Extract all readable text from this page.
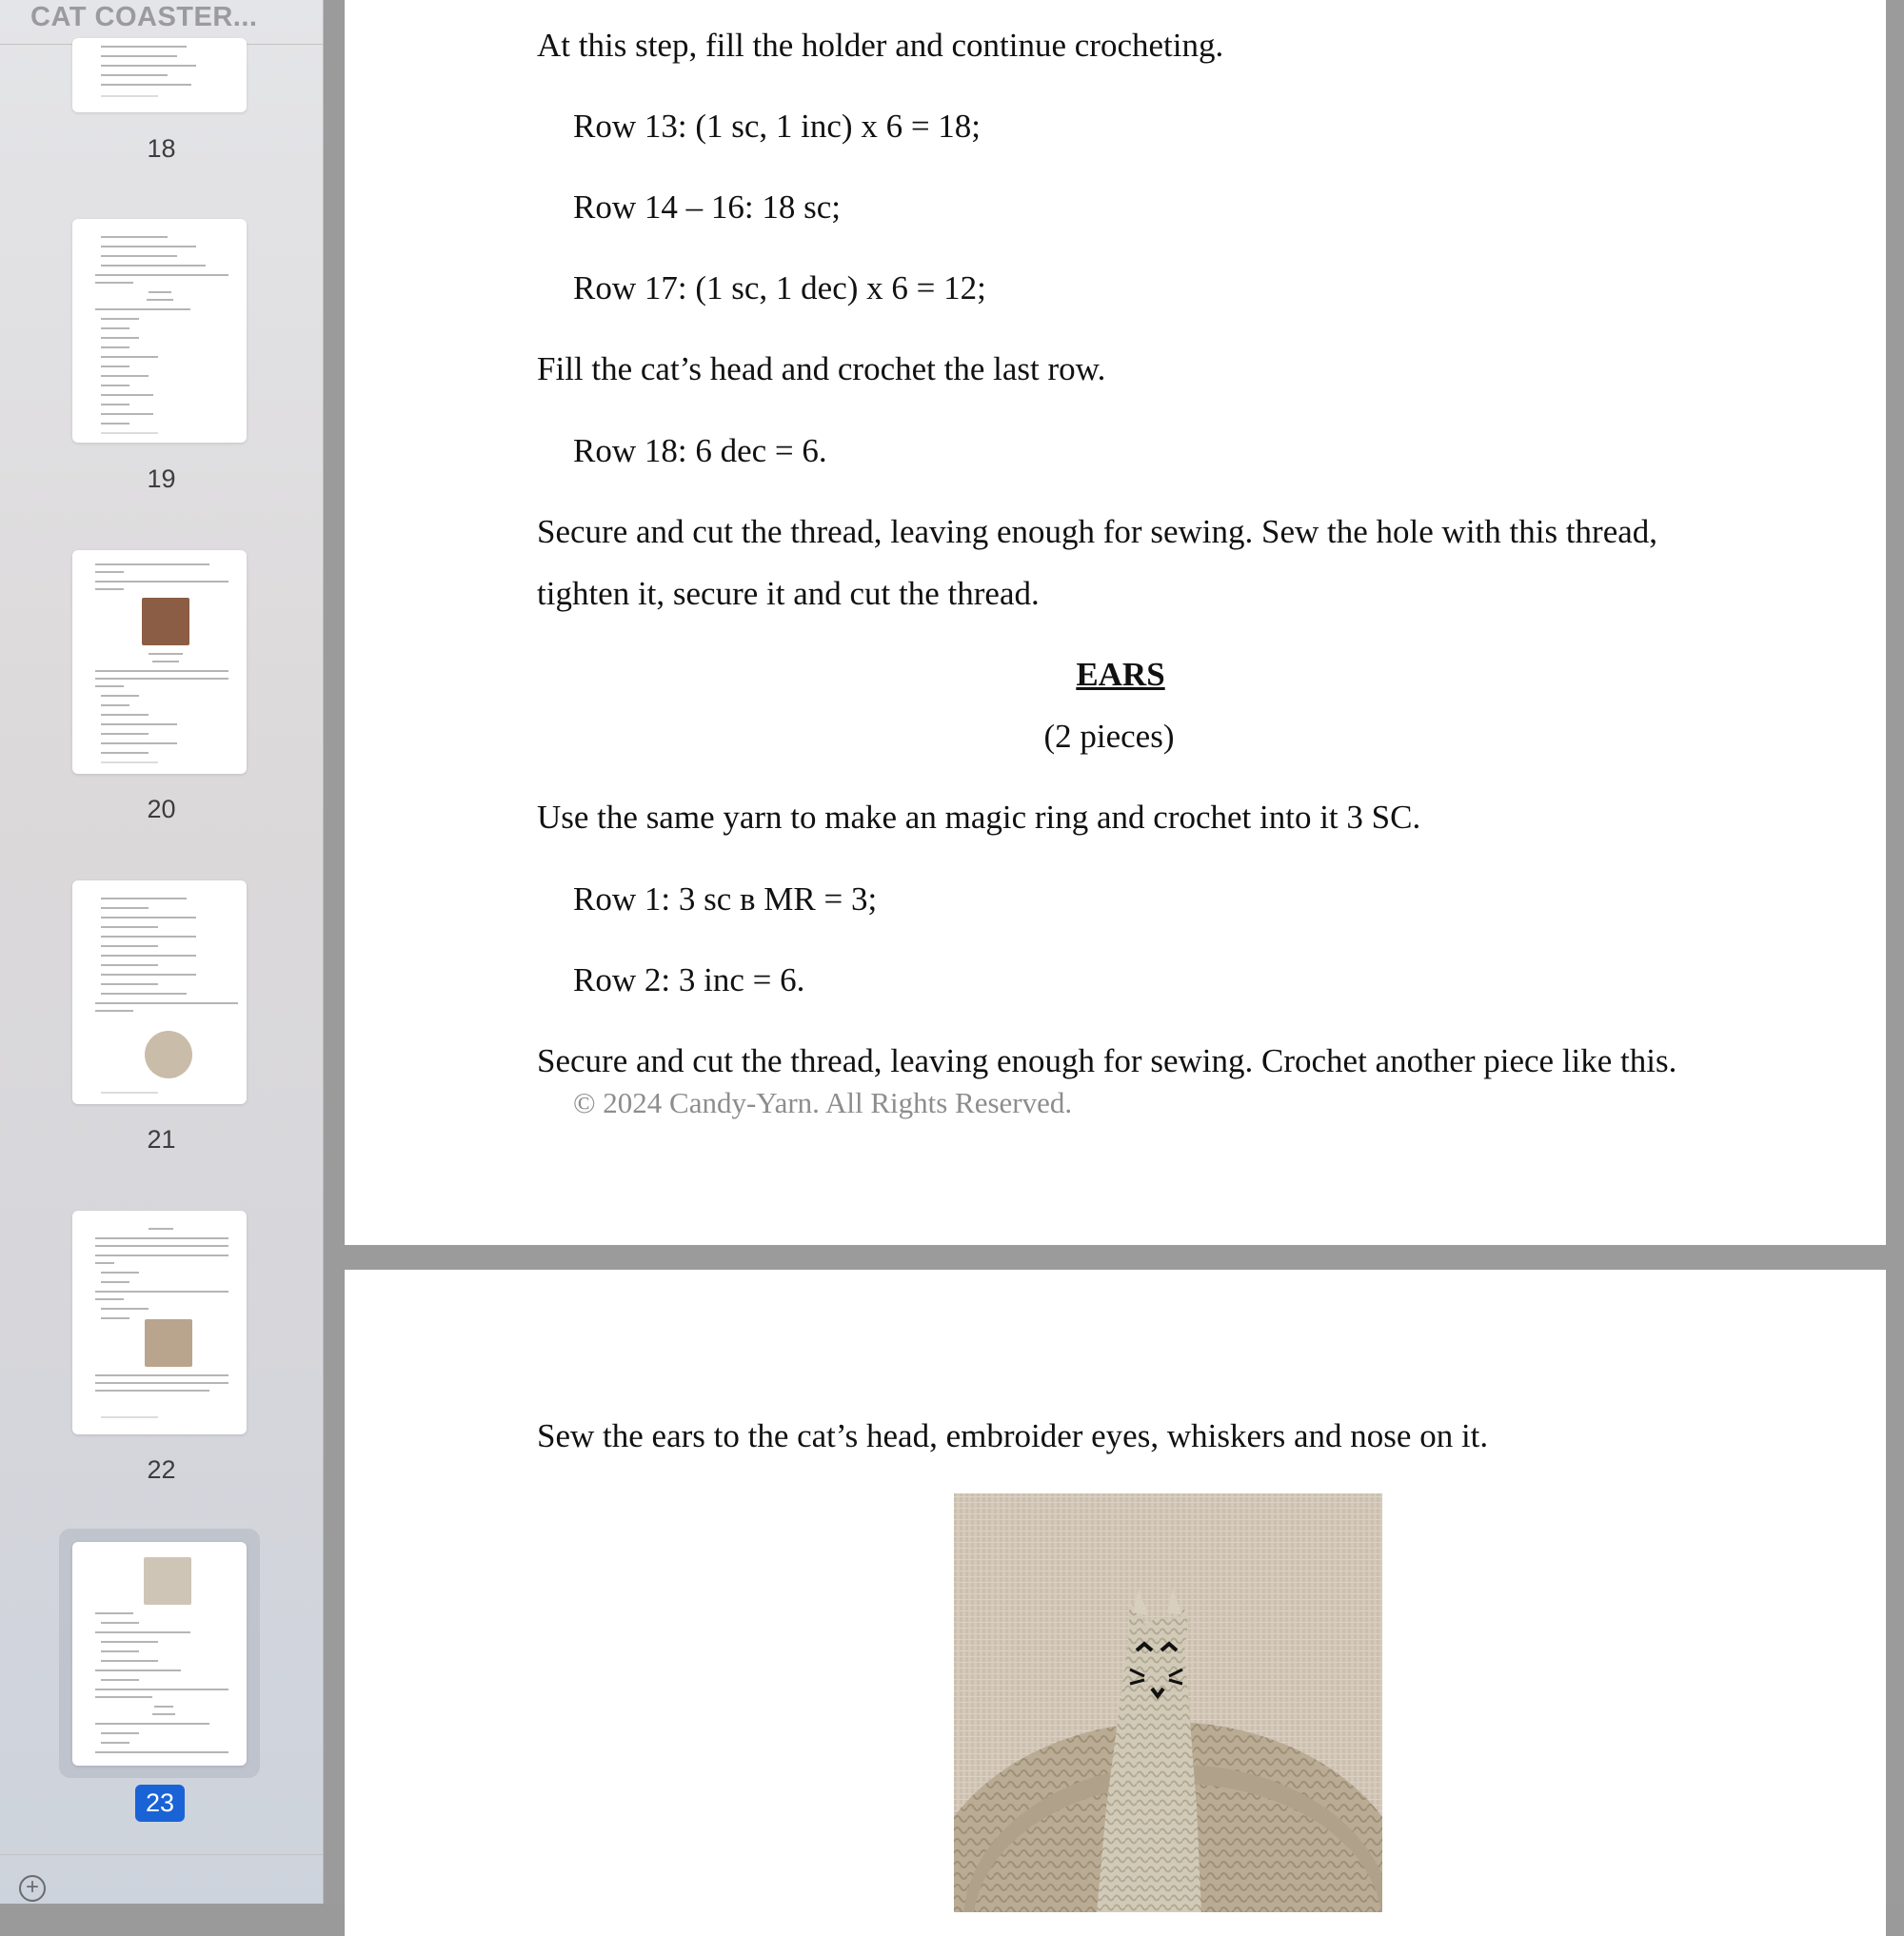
CAT COASTER...
18
19
20
21
22
23
+
At this step, fill the holder and continue crocheting.
Row 13: (1 sc, 1 inc) x 6 = 18;
Row 14 – 16: 18 sc;
Row 17: (1 sc, 1 dec) x 6 = 12;
Fill the cat’s head and crochet the last row.
Row 18: 6 dec = 6.
Secure and cut the thread, leaving enough for sewing. Sew the hole with this thread,
tighten it, secure it and cut the thread.
EARS
(2 pieces)
Use the same yarn to make an magic ring and crochet into it 3 SC.
Row 1: 3 sc в MR = 3;
Row 2: 3 inc = 6.
Secure and cut the thread, leaving enough for sewing. Crochet another piece like this.
© 2024 Candy-Yarn. All Rights Reserved.
Sew the ears to the cat’s head, embroider eyes, whiskers and nose on it.
